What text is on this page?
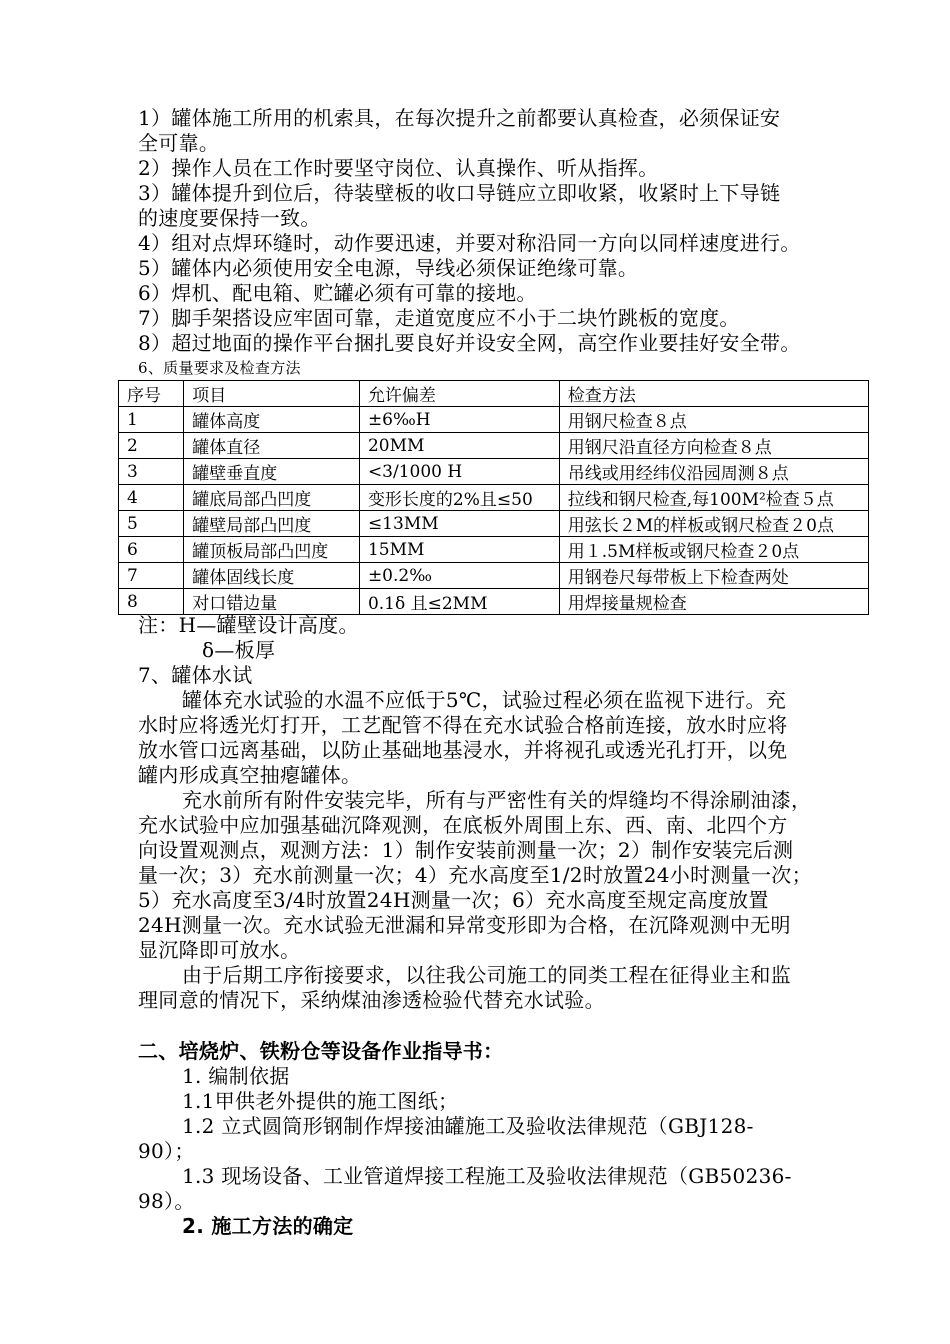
1）罐体施工所用的机索具，在每次提升之前都要认真检查，必须保证安
全可靠。
2）操作人员在工作时要坚守岗位、认真操作、听从指挥。
3）罐体提升到位后，待装壁板的收口导链应立即收紧，收紧时上下导链
的速度要保持一致。
4）组对点焊环缝时，动作要迅速，并要对称沿同一方向以同样速度进行。
5）罐体内必须使用安全电源，导线必须保证绝缘可靠。
6）焊机、配电箱、贮罐必须有可靠的接地。
7）脚手架搭设应牢固可靠，走道宽度应不小于二块竹跳板的宽度。
8）超过地面的操作平台捆扎要良好并设安全网，高空作业要挂好安全带。
6、质量要求及检查方法
序号	项目	允许偏差	检查方法
1	罐体高度	±6‰H	用钢尺检查８点
2	罐体直径	20MM	用钢尺沿直径方向检查８点
3	罐壁垂直度	<3/1000 H	吊线或用经纬仪沿园周测８点
4	罐底局部凸凹度	变形长度的2%且≤50	拉线和钢尺检查,每100M²检查５点
5	罐壁局部凸凹度	≤13MM	用弦长２M的样板或钢尺检查２0点
6	罐顶板局部凸凹度	15MM	用１.5M样板或钢尺检查２0点
7	罐体固线长度	±0.2‰	用钢卷尺每带板上下检查两处
8	对口错边量	0.1δ 且≤2MM	用焊接量规检查
注：H—罐壁设计高度。
δ—板厚
7、罐体水试
罐体充水试验的水温不应低于5℃，试验过程必须在监视下进行。充
水时应将透光灯打开，工艺配管不得在充水试验合格前连接，放水时应将
放水管口远离基础，以防止基础地基浸水，并将视孔或透光孔打开，以免
罐内形成真空抽瘪罐体。
充水前所有附件安装完毕，所有与严密性有关的焊缝均不得涂刷油漆，
充水试验中应加强基础沉降观测，在底板外周围上东、西、南、北四个方
向设置观测点，观测方法：1）制作安装前测量一次；2）制作安装完后测
量一次；3）充水前测量一次；4）充水高度至1/2时放置24小时测量一次；
5）充水高度至3/4时放置24H测量一次；6）充水高度至规定高度放置
24H测量一次。充水试验无泄漏和异常变形即为合格，在沉降观测中无明
显沉降即可放水。
由于后期工序衔接要求，以往我公司施工的同类工程在征得业主和监
理同意的情况下，采纳煤油渗透检验代替充水试验。
二、培烧炉、铁粉仓等设备作业指导书：
1. 编制依据
1.1甲供老外提供的施工图纸；
1.2 立式圆筒形钢制作焊接油罐施工及验收法律规范（GBJ128-
90）；
1.3 现场设备、工业管道焊接工程施工及验收法律规范（GB50236-
98）。
2. 施工方法的确定
